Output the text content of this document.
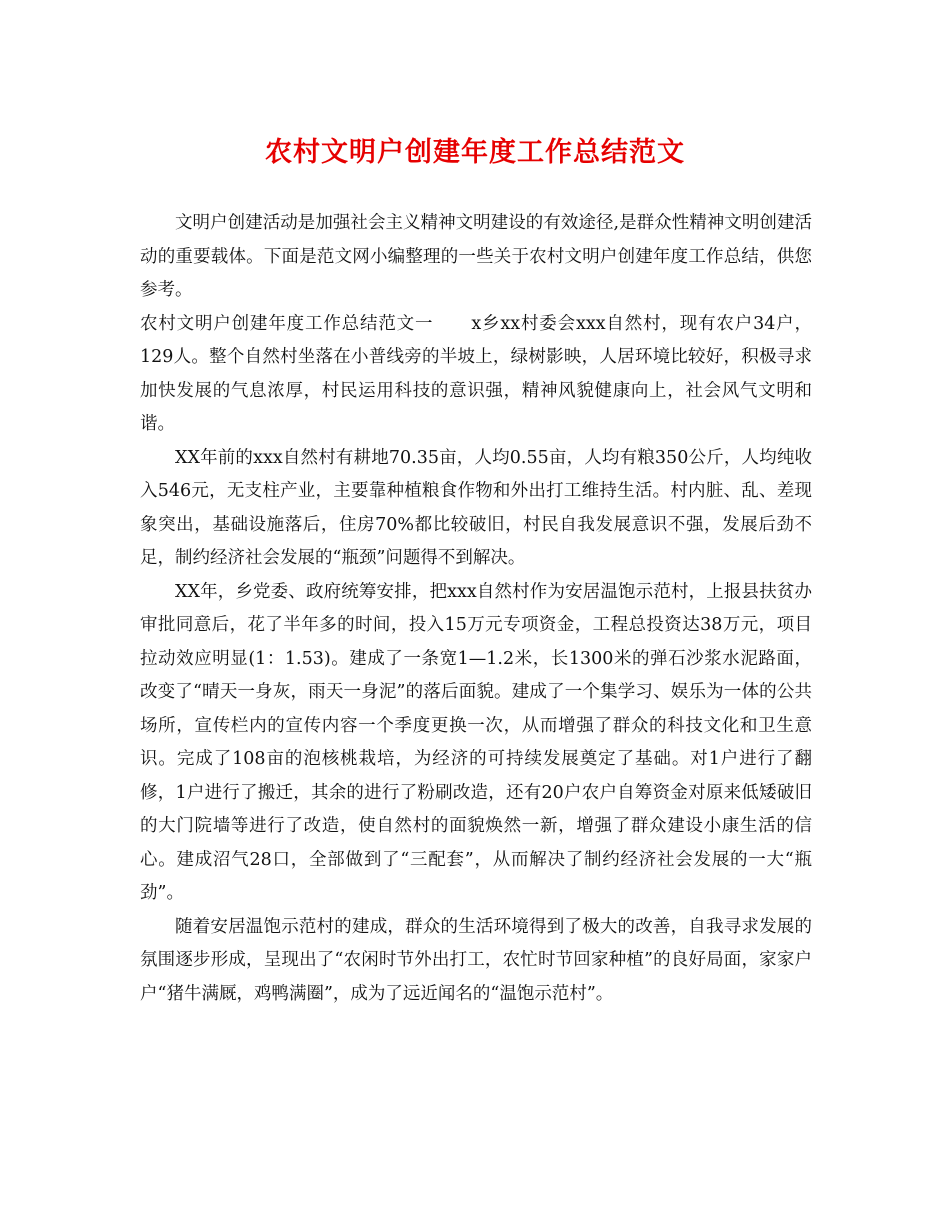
农村文明户创建年度工作总结范文

文明户创建活动是加强社会主义精神文明建设的有效途径,是群众性精神文明创建活动的重要载体。下面是范文网小编整理的一些关于农村文明户创建年度工作总结，供您参考。

农村文明户创建年度工作总结范文一 x乡xx村委会xxx自然村，现有农户34户，129人。整个自然村坐落在小普线旁的半坡上，绿树影映，人居环境比较好，积极寻求加快发展的气息浓厚，村民运用科技的意识强，精神风貌健康向上，社会风气文明和谐。

XX年前的xxx自然村有耕地70.35亩，人均0.55亩，人均有粮350公斤，人均纯收入546元，无支柱产业，主要靠种植粮食作物和外出打工维持生活。村内脏、乱、差现象突出，基础设施落后，住房70%都比较破旧，村民自我发展意识不强，发展后劲不足，制约经济社会发展的“瓶颈”问题得不到解决。

XX年，乡党委、政府统筹安排，把xxx自然村作为安居温饱示范村，上报县扶贫办审批同意后，花了半年多的时间，投入15万元专项资金，工程总投资达38万元，项目拉动效应明显(1：1.53)。建成了一条宽1—1.2米，长1300米的弹石沙浆水泥路面，改变了“晴天一身灰，雨天一身泥”的落后面貌。建成了一个集学习、娱乐为一体的公共场所，宣传栏内的宣传内容一个季度更换一次，从而增强了群众的科技文化和卫生意识。完成了108亩的泡核桃栽培，为经济的可持续发展奠定了基础。对1户进行了翻修，1户进行了搬迁，其余的进行了粉刷改造，还有20户农户自筹资金对原来低矮破旧的大门院墙等进行了改造，使自然村的面貌焕然一新，增强了群众建设小康生活的信心。建成沼气28口，全部做到了“三配套”，从而解决了制约经济社会发展的一大“瓶劲”。

随着安居温饱示范村的建成，群众的生活环境得到了极大的改善，自我寻求发展的氛围逐步形成，呈现出了“农闲时节外出打工，农忙时节回家种植”的良好局面，家家户户“猪牛满厩，鸡鸭满圈”，成为了远近闻名的“温饱示范村”。
